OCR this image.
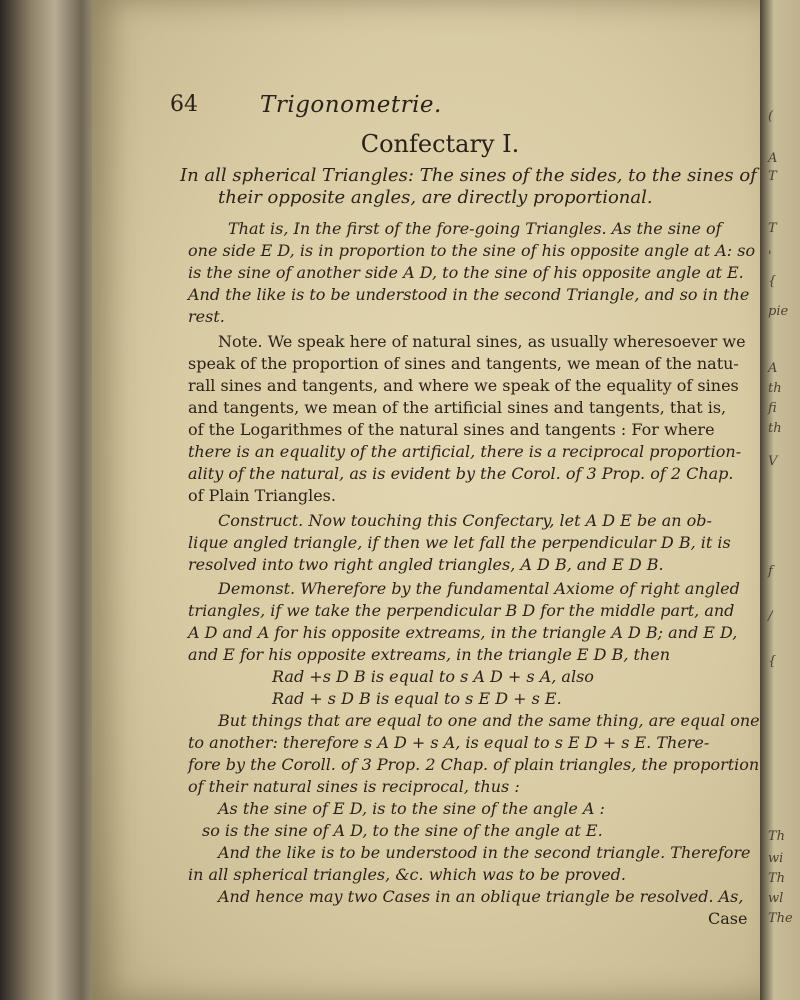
(
A
T
T
'
{
pie
A
th
fi
th
V
f
/
{
Th
wi
Th
wl
The
64	Trigonometrie.
Confectary I.
In all spherical Triangles: The sines of the sides, to the sines of
their opposite angles, are directly proportional.
That is, In the first of the fore-going Triangles. As the sine of
one side E D, is in proportion to the sine of his opposite angle at A: so
is the sine of another side A D, to the sine of his opposite angle at E.
And the like is to be understood in the second Triangle, and so in the
rest.
Note. We speak here of natural sines, as usually wheresoever we
speak of the proportion of sines and tangents, we mean of the natu-
rall sines and tangents, and where we speak of the equality of sines
and tangents, we mean of the artificial sines and tangents, that is,
of the Logarithmes of the natural sines and tangents : For where
there is an equality of the artificial, there is a reciprocal proportion-
ality of the natural, as is evident by the Corol. of 3 Prop. of 2 Chap.
of Plain Triangles.
Construct. Now touching this Confectary, let A D E be an ob-
lique angled triangle, if then we let fall the perpendicular D B, it is
resolved into two right angled triangles, A D B, and E D B.
Demonst. Wherefore by the fundamental Axiome of right angled
triangles, if we take the perpendicular B D for the middle part, and
A D and A for his opposite extreams, in the triangle A D B; and E D,
and E for his opposite extreams, in the triangle E D B, then
Rad +s D B is equal to s A D + s A, also
Rad + s D B is equal to s E D + s E.
But things that are equal to one and the same thing, are equal one
to another: therefore s A D + s A, is equal to s E D + s E. There-
fore by the Coroll. of 3 Prop. 2 Chap. of plain triangles, the proportion
of their natural sines is reciprocal, thus :
As the sine of E D, is to the sine of the angle A :
so is the sine of A D, to the sine of the angle at E.
And the like is to be understood in the second triangle. Therefore
in all spherical triangles, &c. which was to be proved.
And hence may two Cases in an oblique triangle be resolved. As,
Case
